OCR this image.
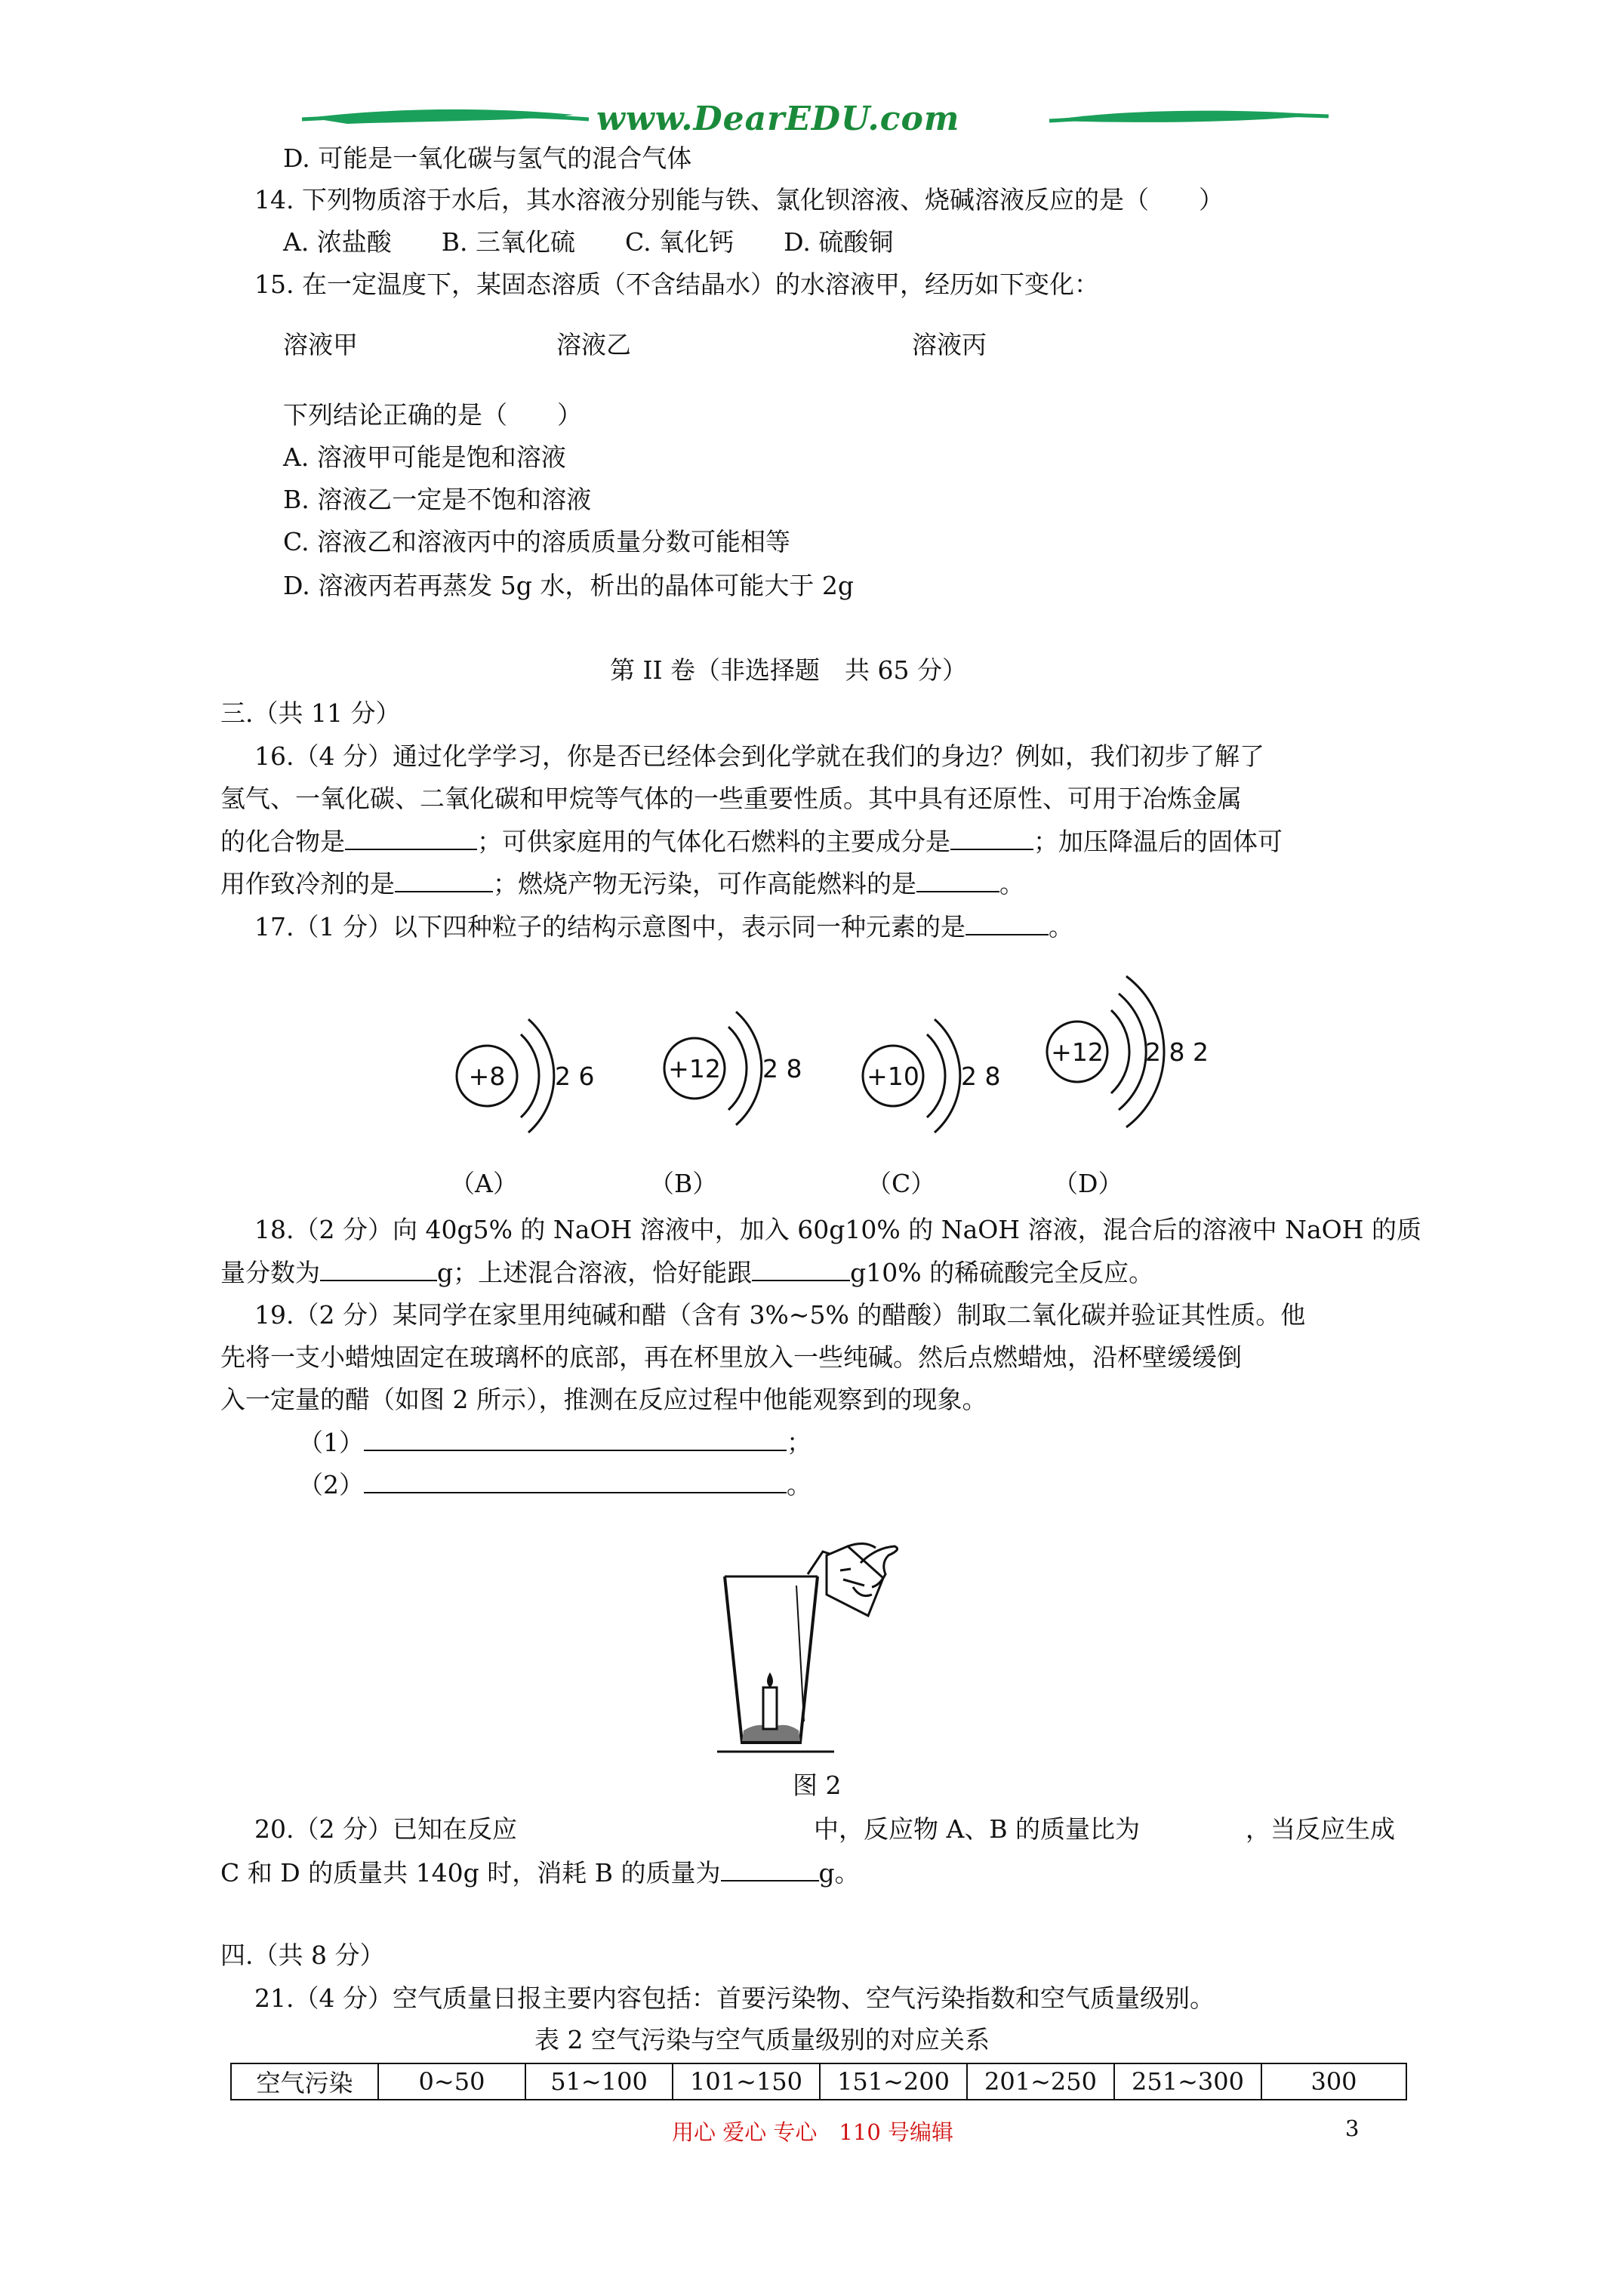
www.DearEDU.com
D. 可能是一氧化碳与氢气的混合气体
14. 下列物质溶于水后，其水溶液分别能与铁、氯化钡溶液、烧碱溶液反应的是（　　）
A. 浓盐酸　　B. 三氧化硫　　C. 氧化钙　　D. 硫酸铜
15. 在一定温度下，某固态溶质（不含结晶水）的水溶液甲，经历如下变化：
溶液甲	溶液乙	溶液丙
下列结论正确的是（　　）
A. 溶液甲可能是饱和溶液
B. 溶液乙一定是不饱和溶液
C. 溶液乙和溶液丙中的溶质质量分数可能相等
D. 溶液丙若再蒸发 5g 水，析出的晶体可能大于 2g
第 II 卷（非选择题　共 65 分）
三.（共 11 分）
16.（4 分）通过化学学习，你是否已经体会到化学就在我们的身边？例如，我们初步了解了
氢气、一氧化碳、二氧化碳和甲烷等气体的一些重要性质。其中具有还原性、可用于冶炼金属
的化合物是	；可供家庭用的气体化石燃料的主要成分是	；加压降温后的固体可
用作致冷剂的是	；燃烧产物无污染，可作高能燃料的是	。
17.（1 分）以下四种粒子的结构示意图中，表示同一种元素的是	。
+8 2 6	+12 2 8	+10 2 8
+12 2 8 2
（A）	（B）	（C）	（D）
18.（2 分）向 40g5% 的 NaOH 溶液中，加入 60g10% 的 NaOH 溶液，混合后的溶液中 NaOH 的质
量分数为	g；上述混合溶液，恰好能跟	g10% 的稀硫酸完全反应。
19.（2 分）某同学在家里用纯碱和醋（含有 3%~5% 的醋酸）制取二氧化碳并验证其性质。他
先将一支小蜡烛固定在玻璃杯的底部，再在杯里放入一些纯碱。然后点燃蜡烛，沿杯壁缓缓倒
入一定量的醋（如图 2 所示），推测在反应过程中他能观察到的现象。
（1）	；
（2）	。
图 2
20.（2 分）已知在反应	中，反应物 A、B 的质量比为	，当反应生成
C 和 D 的质量共 140g 时，消耗 B 的质量为	g。
四.（共 8 分）
21.（4 分）空气质量日报主要内容包括：首要污染物、空气污染指数和空气质量级别。
表 2 空气污染与空气质量级别的对应关系
空气污染	0~50	51~100	101~150	151~200	201~250	251~300	300
用心 爱心 专心　110 号编辑	3
